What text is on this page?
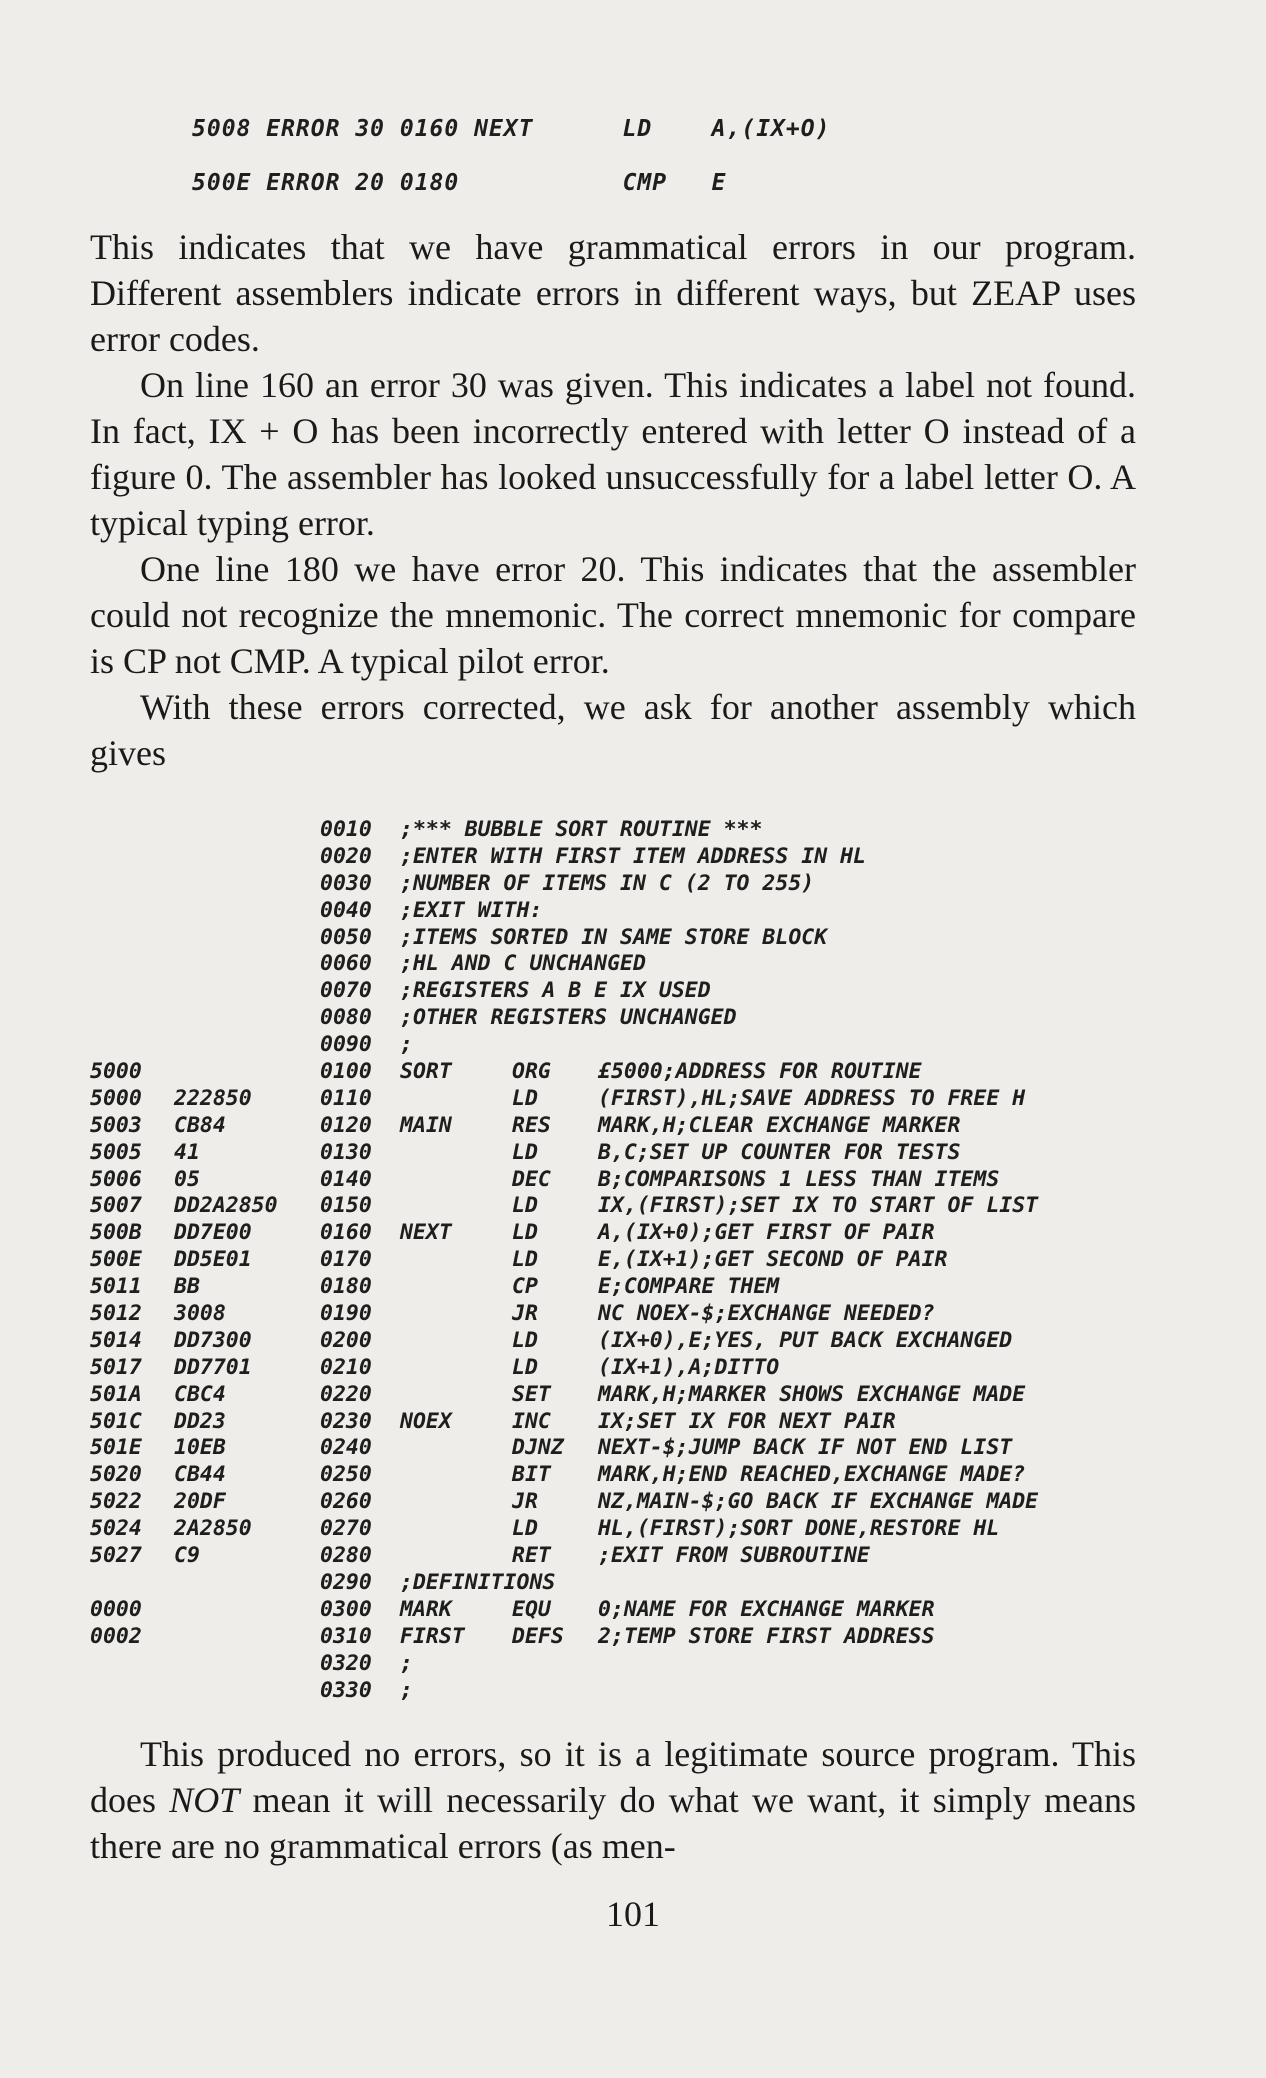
5008 ERROR 30 0160 NEXT      LD    A,(IX+O)
500E ERROR 20 0180           CMP   E

This indicates that we have grammatical errors in our program. Different assemblers indicate errors in different ways, but ZEAP uses error codes.

On line 160 an error 30 was given. This indicates a label not found. In fact, IX + O has been incorrectly entered with letter O instead of a figure 0. The assembler has looked unsuccessfully for a label letter O. A typical typing error.

One line 180 we have error 20. This indicates that the assembler could not recognize the mnemonic. The correct mnemonic for compare is CP not CMP. A typical pilot error.

With these errors corrected, we ask for another assembly which gives

0010 ;*** BUBBLE SORT ROUTINE ***
0020 ;ENTER WITH FIRST ITEM ADDRESS IN HL
0030 ;NUMBER OF ITEMS IN C (2 TO 255)
0040 ;EXIT WITH:
0050 ;ITEMS SORTED IN SAME STORE BLOCK
0060 ;HL AND C UNCHANGED
0070 ;REGISTERS A B E IX USED
0080 ;OTHER REGISTERS UNCHANGED
0090 ;
5000	0100 SORT	ORG £5000;ADDRESS FOR ROUTINE
5000 222850	0110	LD	(FIRST),HL;SAVE ADDRESS TO FREE H
5003 CB84	0120 MAIN	RES MARK,H;CLEAR EXCHANGE MARKER
5005 41	0130	LD	B,C;SET UP COUNTER FOR TESTS
5006 05	0140	DEC B;COMPARISONS 1 LESS THAN ITEMS
5007 DD2A2850 0150	LD	IX,(FIRST);SET IX TO START OF LIST
500B DD7E00	0160 NEXT	LD	A,(IX+0);GET FIRST OF PAIR
500E DD5E01	0170	LD	E,(IX+1);GET SECOND OF PAIR
5011 BB	0180	CP	E;COMPARE THEM
5012 3008	0190	JR	NC NOEX-$;EXCHANGE NEEDED?
5014 DD7300	0200	LD	(IX+0),E;YES, PUT BACK EXCHANGED
5017 DD7701	0210	LD	(IX+1),A;DITTO
501A CBC4	0220	SET MARK,H;MARKER SHOWS EXCHANGE MADE
501C DD23	0230 NOEX	INC IX;SET IX FOR NEXT PAIR
501E 10EB	0240	DJNZ NEXT-$;JUMP BACK IF NOT END LIST
5020 CB44	0250	BIT MARK,H;END REACHED,EXCHANGE MADE?
5022 20DF	0260	JR	NZ,MAIN-$;GO BACK IF EXCHANGE MADE
5024 2A2850	0270	LD	HL,(FIRST);SORT DONE,RESTORE HL
5027 C9	0280	RET ;EXIT FROM SUBROUTINE
0290 ;DEFINITIONS
0000	0300 MARK	EQU 0;NAME FOR EXCHANGE MARKER
0002	0310 FIRST DEFS 2;TEMP STORE FIRST ADDRESS
0320 ;
0330 ;

This produced no errors, so it is a legitimate source program. This does NOT mean it will necessarily do what we want, it simply means there are no grammatical errors (as men-

101
